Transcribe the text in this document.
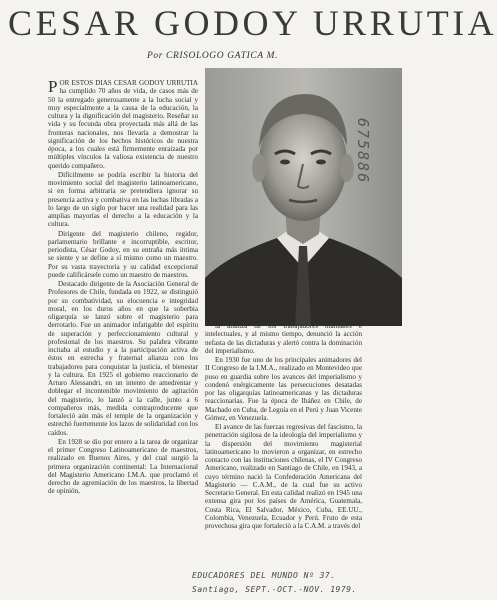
CESAR GODOY URRUTIA
Por CRISOLOGO GATICA M.

POR ESTOS DIAS CESAR GODOY URRUTIA ha cumplido 70 años de vida, de casos más de 50 la entregado generosamente a la lucha social y muy especialmente a la causa de la educación, la cultura y la dignificación del magisterio. Reseñar su vida y su fecunda obra proyectada más allá de las fronteras nacionales, nos llevaría a demostrar la significación de los hechos históricos de nuestra época, a los cuales está firmemente enraizada por múltiples vínculos la valiosa existencia de nuestro querido compañero.

Difícilmente se podría escribir la historia del movimiento social del magisterio latinoamericano, si en forma arbitraria se pretendiera ignorar su presencia activa y combativa en las luchas libradas a lo largo de un siglo por hacer una realidad para las amplias mayorías el derecho a la educación y la cultura.

Dirigente del magisterio chileno, regidor, parlamentario brillante e incorruptible, escritor, periodista, César Godoy, en su entraña más íntima se siente y se define a sí mismo como un maestro. Por su vasta trayectoria y su calidad excepcional puede calificársele como un maestro de maestros.

Destacado dirigente de la Asociación General de Profesores de Chile, fundada en 1922, se distinguió por su combatividad, su elocuencia e integridad moral, en los duros años en que la soberbia oligarquía se lanzó sobre el magisterio para derrotarlo. Fue un animador infatigable del espíritu de superación y perfeccionamiento cultural y profesional de los maestros. Su palabra vibrante incitaba al estudio y a la participación activa de éstos en estrecha y fraternal alianza con los trabajadores para conquistar la justicia, el bienestar y la cultura. En 1925 el gobierno reaccionario de Arturo Alessandri, en un intento de amedrentar y doblegar el incontenible movimiento de agitación del magisterio, lo lanzó a la calle, junto a 6 compañeros más, medida contraproducente que fortaleció aún más el temple de la organización y estrechó fuertemente los lazos de solidaridad con los caídos.

En 1928 se dio por entero a la tarea de organizar el primer Congreso Latinoamericano de maestros, realizado en Buenos Aires, y del cual surgió la primera organización continental: La Internacional del Magisterio Americano I.M.A. que proclamó el derecho de agremiación de los maestros, la libertad de opinión,

la alianza de los trabajadores manuales e intelectuales, y al mismo tiempo, denunció la acción nefasta de las dictaduras y alertó contra la dominación del imperialismo.

En 1930 fue uno de los principales animadores del II Congreso de la I.M.A., realizado en Montevideo que puso en guardia sobre los avances del imperialismo y condenó enérgicamente las persecuciones desatadas por las oligarquías latinoamericanas y las dictaduras reaccionarias. Fue la época de Ibáñez en Chile, de Machado en Cuba, de Leguía en el Perú y Juan Vicente Gómez, en Venezuela.

El avance de las fuerzas regresivas del fascismo, la penetración sigilosa de la ideología del imperialismo y la dispersión del movimiento magisterial latinoamericano lo movieron a organizar, en estrecho contacto con las instituciones chilenas, el IV Congreso Americano, realizado en Santiago de Chile, en 1943, a cuyo término nació la Confederación Americana del Magisterio — C.A.M., de la cual fue su activo Secretario General. En esta calidad realizó en 1945 una extensa gira por los países de América, Guatemala, Costa Rica, El Salvador, México, Cuba, EE.UU., Colombia, Venezuela, Ecuador y Perú. Fruto de esta provechosa gira que fortaleció a la C.A.M. a través del

675886
EDUCADORES DEL MUNDO Nº 37.
Santiago, SEPT.-OCT.-NOV. 1979.
